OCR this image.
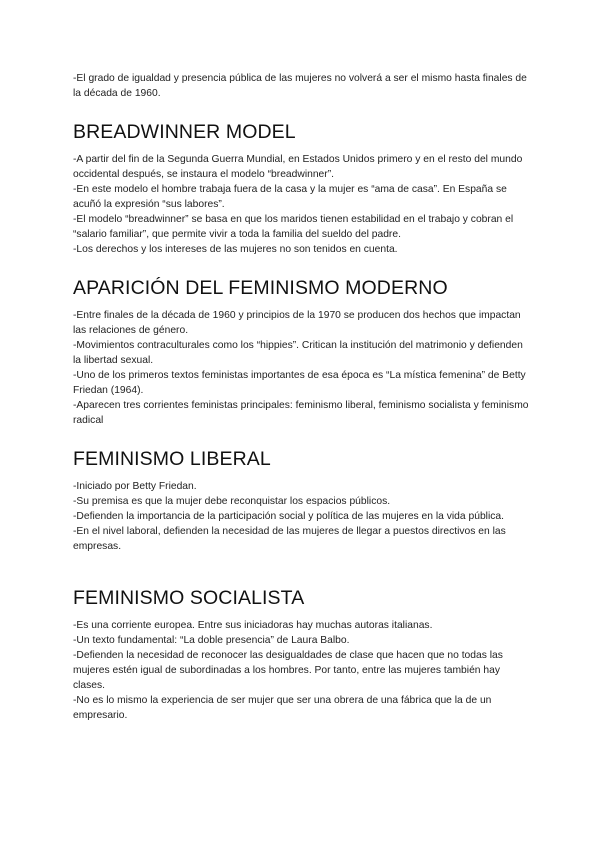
-El grado de igualdad y presencia pública de las mujeres no volverá a ser el mismo hasta finales de la década de 1960.

BREADWINNER MODEL

-A partir del fin de la Segunda Guerra Mundial, en Estados Unidos primero y en el resto del mundo occidental después, se instaura el modelo “breadwinner”.

-En este modelo el hombre trabaja fuera de la casa y la mujer es “ama de casa”. En España se acuñó la expresión “sus labores”.

-El modelo “breadwinner” se basa en que los maridos tienen estabilidad en el trabajo y cobran el “salario familiar”, que permite vivir a toda la familia del sueldo del padre.

-Los derechos y los intereses de las mujeres no son tenidos en cuenta.

APARICIÓN DEL FEMINISMO MODERNO

-Entre finales de la década de 1960 y principios de la 1970 se producen dos hechos que impactan las relaciones de género.

-Movimientos contraculturales como los “hippies”. Critican la institución del matrimonio y defienden la libertad sexual.

-Uno de los primeros textos feministas importantes de esa época es “La mística femenina” de Betty Friedan (1964).

-Aparecen tres corrientes feministas principales: feminismo liberal, feminismo socialista y feminismo radical

FEMINISMO LIBERAL

-Iniciado por Betty Friedan.

-Su premisa es que la mujer debe reconquistar los espacios públicos.

-Defienden la importancia de la participación social y política de las mujeres en la vida pública.

-En el nivel laboral, defienden la necesidad de las mujeres de llegar a puestos directivos en las empresas.

FEMINISMO SOCIALISTA

-Es una corriente europea. Entre sus iniciadoras hay muchas autoras italianas.

-Un texto fundamental: “La doble presencia” de Laura Balbo.

-Defienden la necesidad de reconocer las desigualdades de clase que hacen que no todas las mujeres estén igual de subordinadas a los hombres. Por tanto, entre las mujeres también hay clases.

-No es lo mismo la experiencia de ser mujer que ser una obrera de una fábrica que la de un empresario.
